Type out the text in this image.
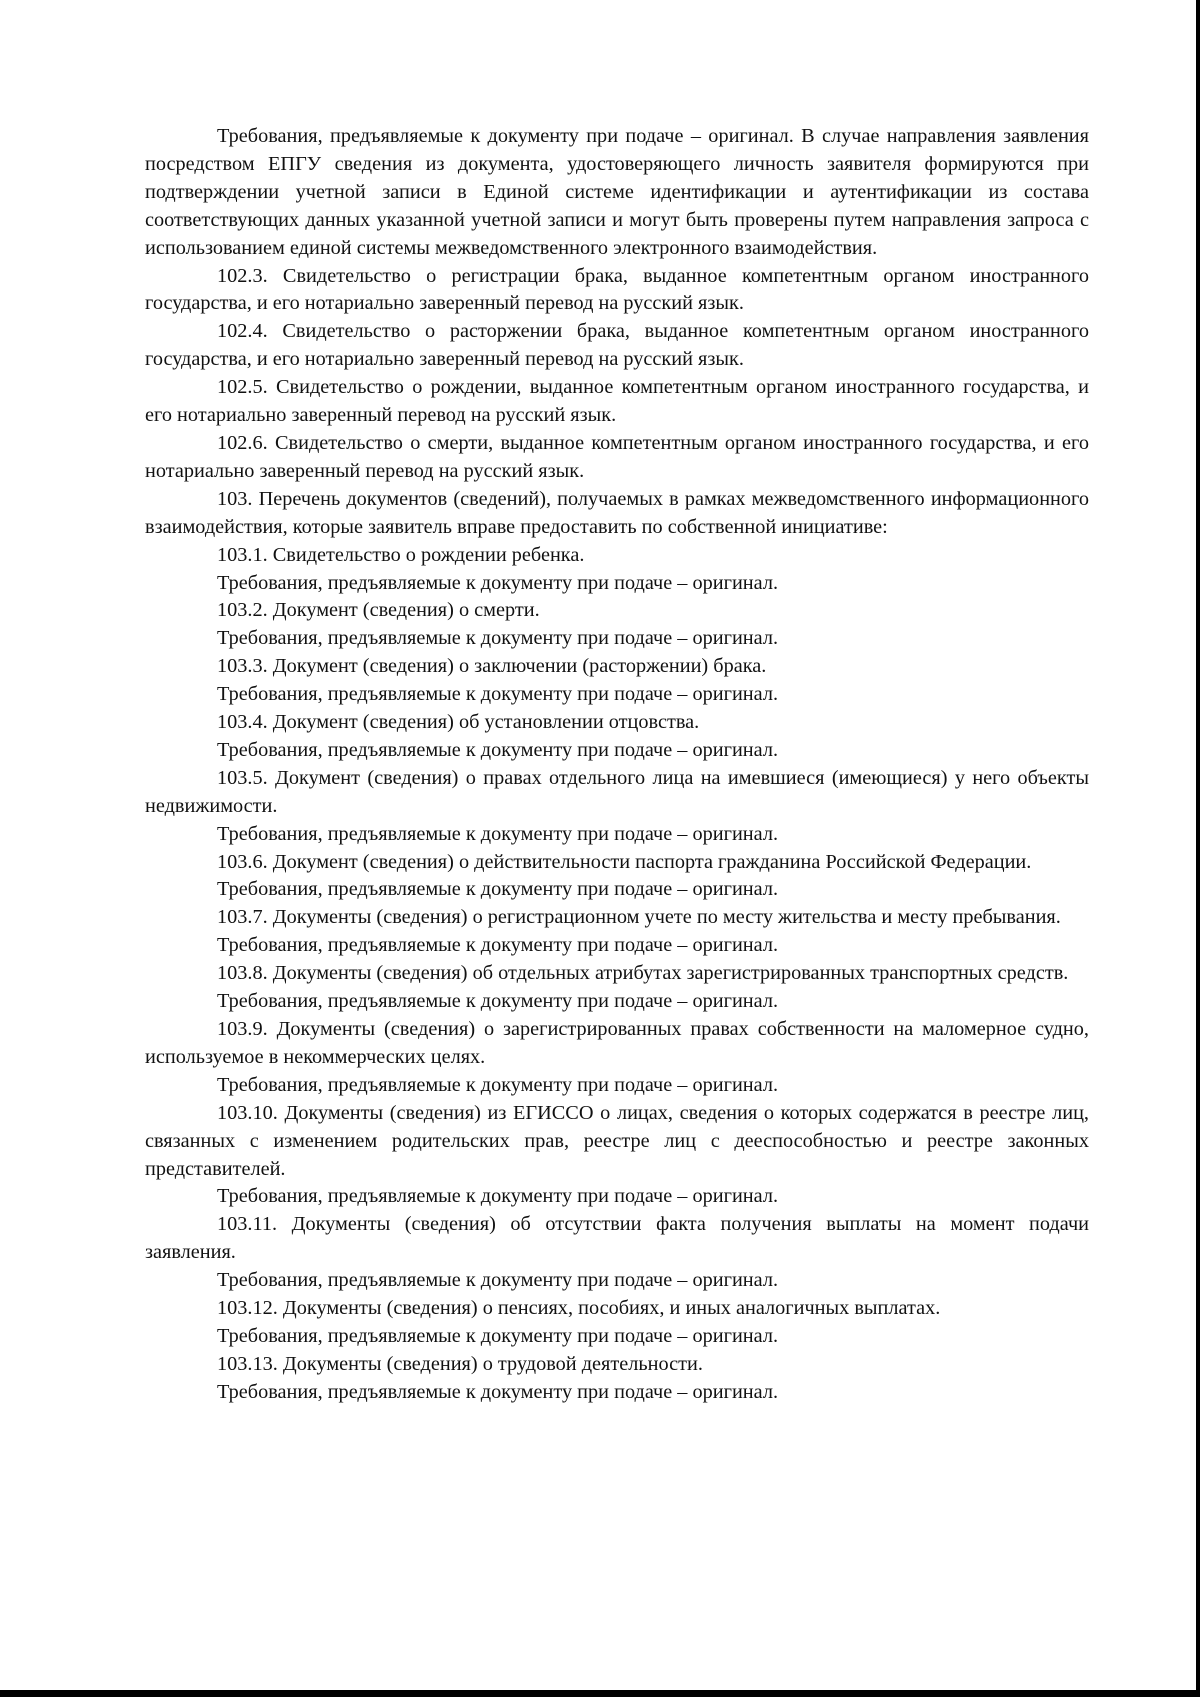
Требования, предъявляемые к документу при подаче – оригинал. В случае направления заявления посредством ЕПГУ сведения из документа, удостоверяющего личность заявителя формируются при подтверждении учетной записи в Единой системе идентификации и аутентификации из состава соответствующих данных указанной учетной записи и могут быть проверены путем направления запроса с использованием единой системы межведомственного электронного взаимодействия.

102.3. Свидетельство о регистрации брака, выданное компетентным органом иностранного государства, и его нотариально заверенный перевод на русский язык.

102.4. Свидетельство о расторжении брака, выданное компетентным органом иностранного государства, и его нотариально заверенный перевод на русский язык.

102.5. Свидетельство о рождении, выданное компетентным органом иностранного государства, и его нотариально заверенный перевод на русский язык.

102.6. Свидетельство о смерти, выданное компетентным органом иностранного государства, и его нотариально заверенный перевод на русский язык.

103. Перечень документов (сведений), получаемых в рамках межведомственного информационного взаимодействия, которые заявитель вправе предоставить по собственной инициативе:

103.1. Свидетельство о рождении ребенка.

Требования, предъявляемые к документу при подаче – оригинал.

103.2. Документ (сведения) о смерти.

Требования, предъявляемые к документу при подаче – оригинал.

103.3. Документ (сведения) о заключении (расторжении) брака.

Требования, предъявляемые к документу при подаче – оригинал.

103.4. Документ (сведения) об установлении отцовства.

Требования, предъявляемые к документу при подаче – оригинал.

103.5. Документ (сведения) о правах отдельного лица на имевшиеся (имеющиеся) у него объекты недвижимости.

Требования, предъявляемые к документу при подаче – оригинал.

103.6. Документ (сведения) о действительности паспорта гражданина Российской Федерации.

Требования, предъявляемые к документу при подаче – оригинал.

103.7. Документы (сведения) о регистрационном учете по месту жительства и месту пребывания.

Требования, предъявляемые к документу при подаче – оригинал.

103.8. Документы (сведения) об отдельных атрибутах зарегистрированных транспортных средств.

Требования, предъявляемые к документу при подаче – оригинал.

103.9. Документы (сведения) о зарегистрированных правах собственности на маломерное судно, используемое в некоммерческих целях.

Требования, предъявляемые к документу при подаче – оригинал.

103.10. Документы (сведения) из ЕГИССО о лицах, сведения о которых содержатся в реестре лиц, связанных с изменением родительских прав, реестре лиц с дееспособностью и реестре законных представителей.

Требования, предъявляемые к документу при подаче – оригинал.

103.11. Документы (сведения) об отсутствии факта получения выплаты на момент подачи заявления.

Требования, предъявляемые к документу при подаче – оригинал.

103.12. Документы (сведения) о пенсиях, пособиях, и иных аналогичных выплатах.

Требования, предъявляемые к документу при подаче – оригинал.

103.13. Документы (сведения) о трудовой деятельности.

Требования, предъявляемые к документу при подаче – оригинал.
